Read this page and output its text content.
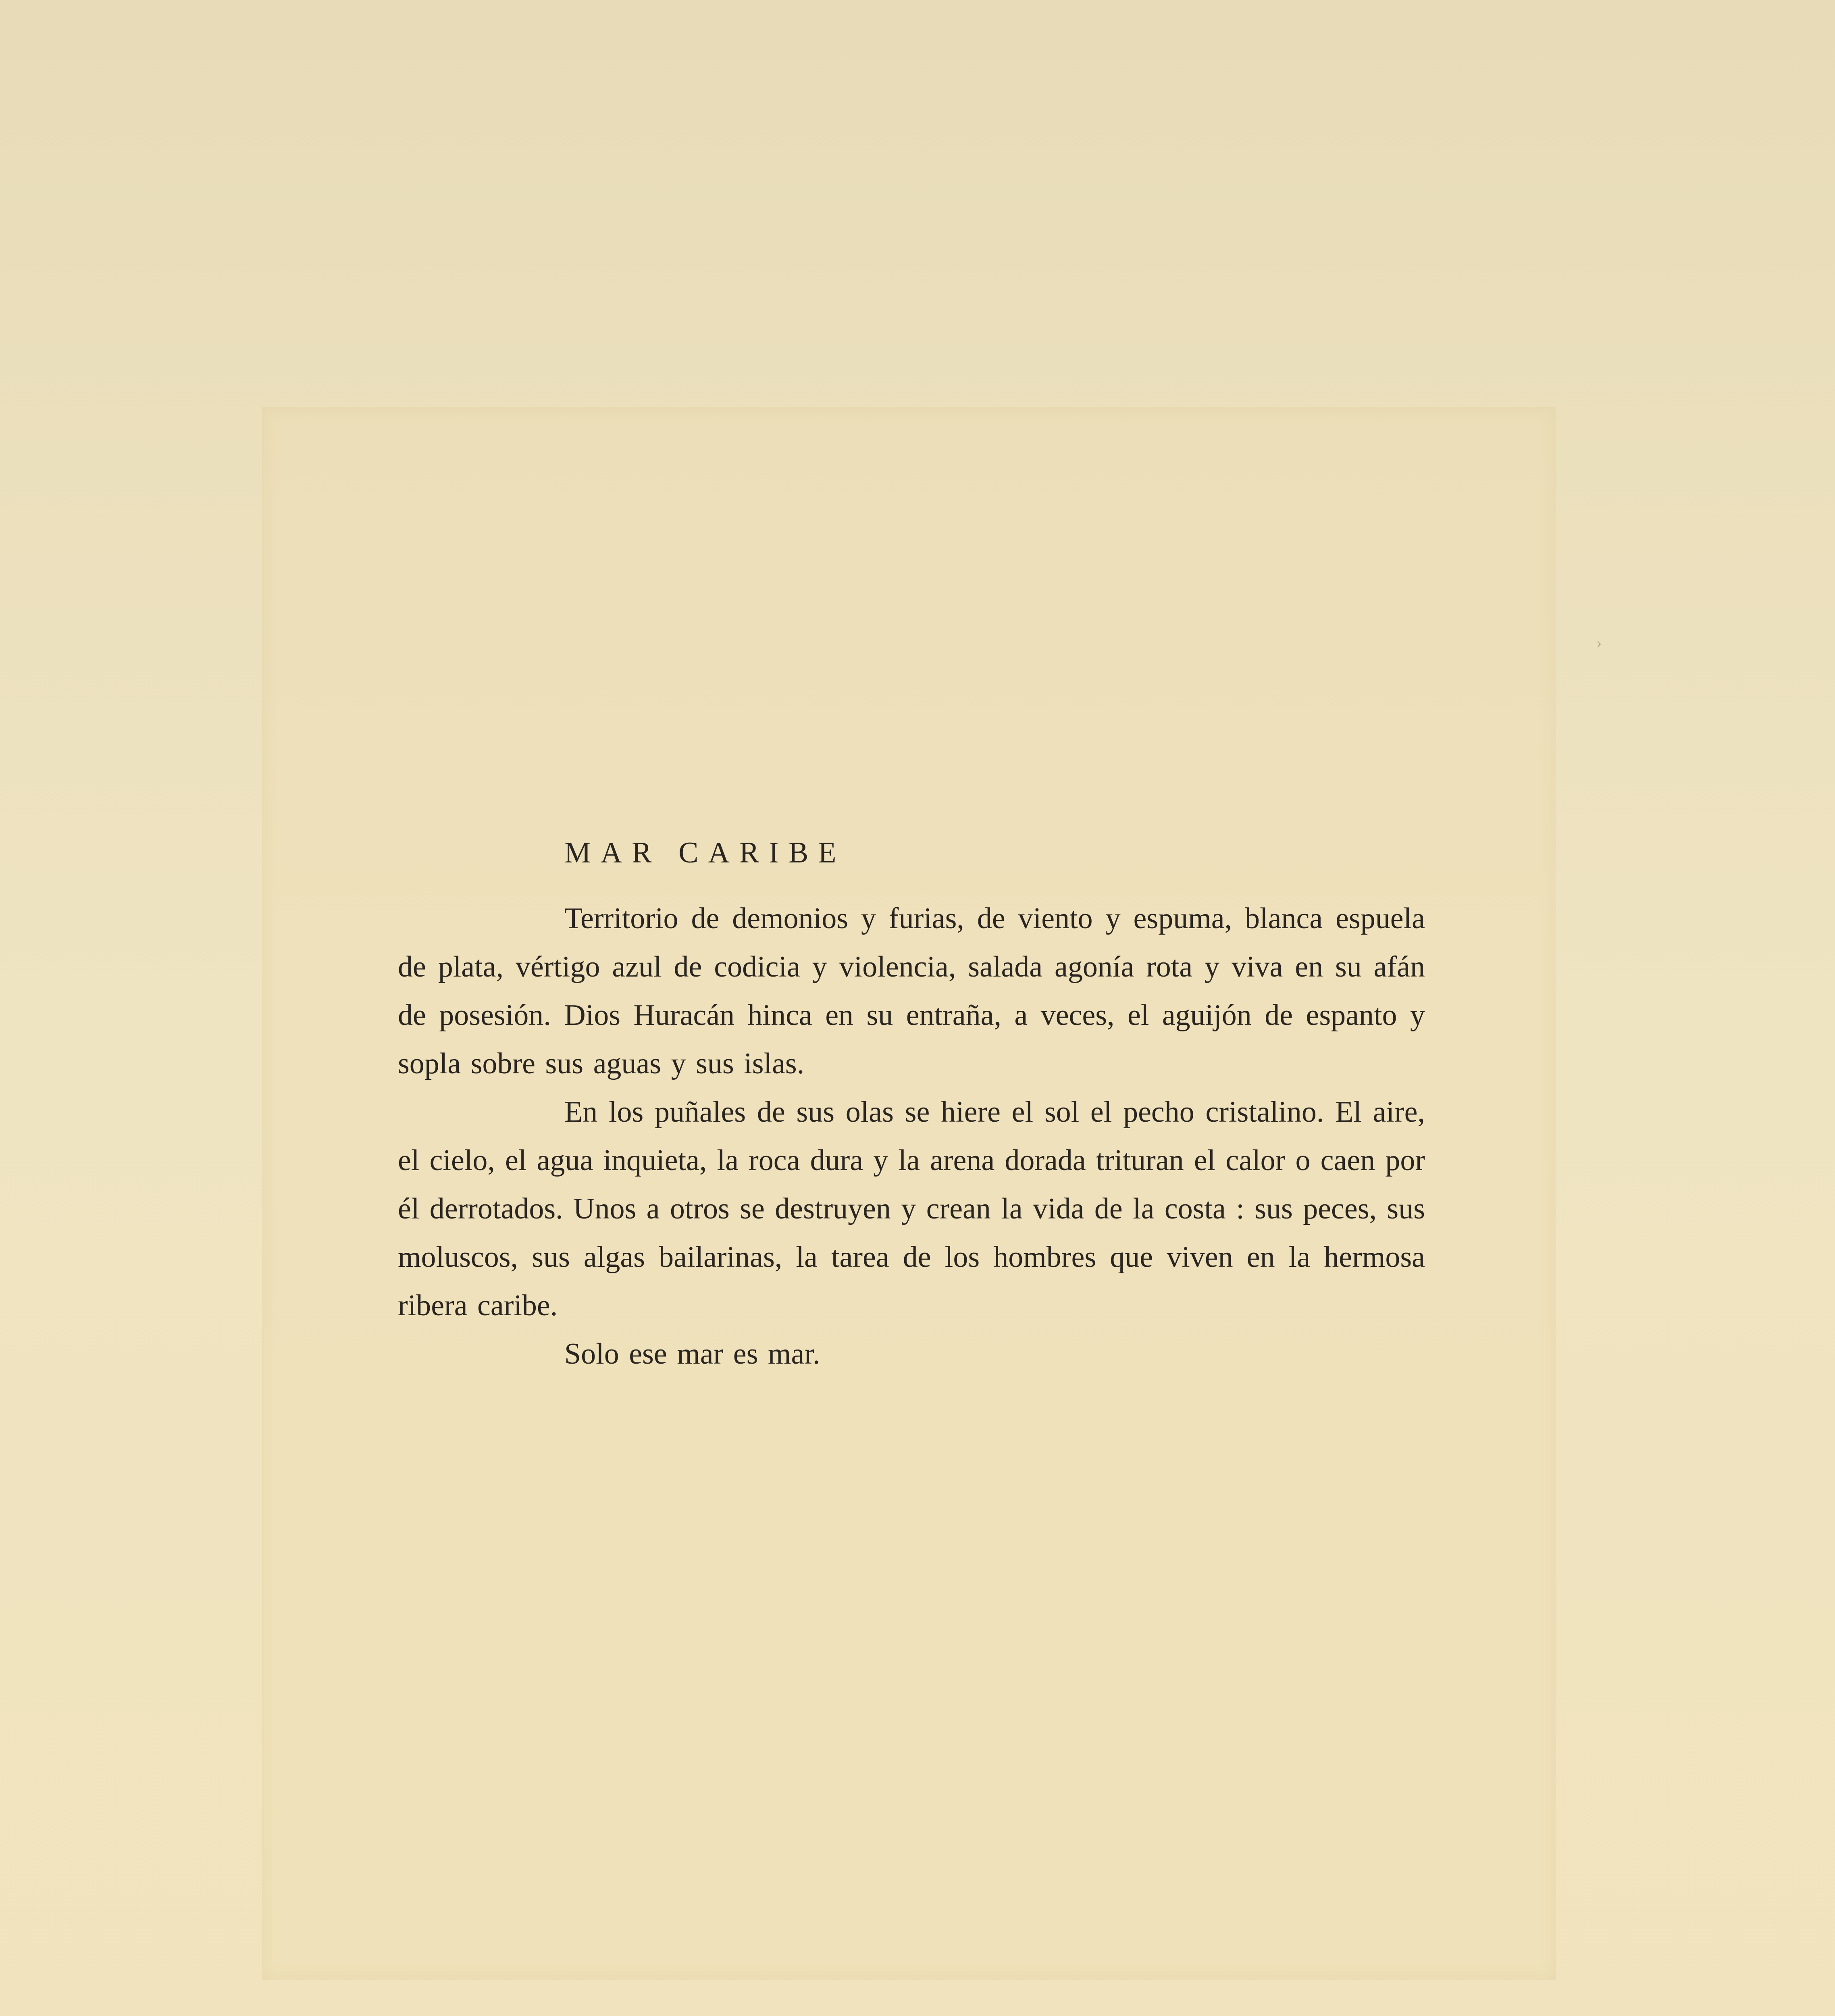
›
MAR CARIBE

Territorio de demonios y furias, de viento y espuma, blanca espuela de plata, vértigo azul de codicia y violencia, salada agonía rota y viva en su afán de posesión. Dios Huracán hinca en su entraña, a veces, el aguijón de espanto y sopla sobre sus aguas y sus islas.

En los puñales de sus olas se hiere el sol el pecho cristalino. El aire, el cielo, el agua inquieta, la roca dura y la arena dorada trituran el calor o caen por él derrotados. Unos a otros se destruyen y crean la vida de la costa : sus peces, sus moluscos, sus algas bailarinas, la tarea de los hombres que viven en la hermosa ribera caribe.

Solo ese mar es mar.
